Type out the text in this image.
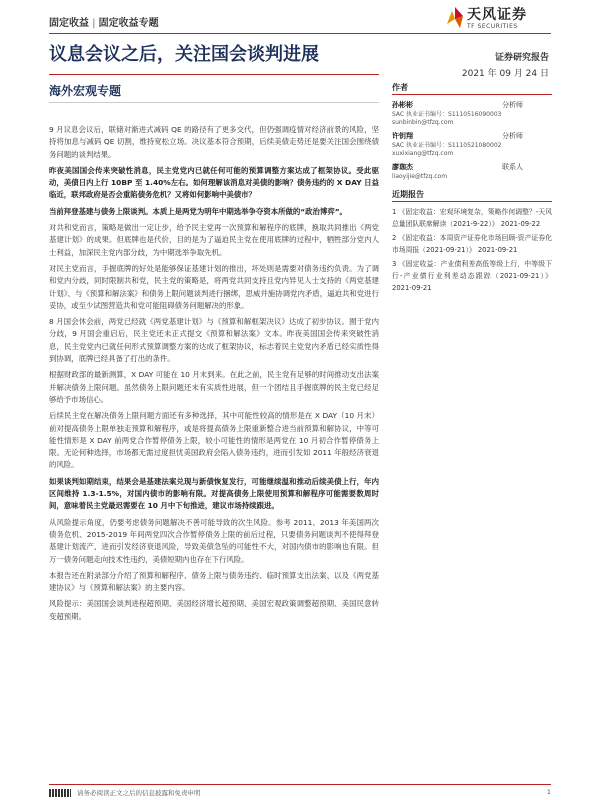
固定收益 | 固定收益专题
天风证券
TF SECURITIES
议息会议之后，关注国会谈判进展	证券研究报告
2021 年 09 月 24 日
海外宏观专题

9 月议息会议后，联储对渐进式减码 QE 的路径有了更多交代，但仍强调疫情对经济前景的风险，坚持将加息与减码 QE 切割，维持宽松立场。决议基本符合预期，后续美债走势还是要关注国会围绕债务问题的谈判结果。

昨夜美国国会传来突破性消息，民主党党内已就任何可能的预算调整方案达成了框架协议。受此驱动，美债日内上行 10BP 至 1.40%左右。如何理解该消息对美债的影响？债务违约的 X DAY 日益临近，联邦政府是否会重陷债务危机？又将如何影响中美债市？

当前拜登基建与债务上限谈判。本质上是两党为明年中期选举争夺资本所做的“政治博弈”。

对共和党而言，策略是做出一定让步，给予民主党再一次预算和解程序的底牌，换取共同推出《两党基建计划》的成果。但底牌也是代价，目的是为了逼迫民主党在使用底牌的过程中，牺牲部分党内人士利益，加深民主党内部分歧，为中期选举争取先机。

对民主党而言，手握底牌的好处是能够保证基建计划的推出，坏处则是需要对债务违约负责。为了调和党内分歧，同时限制共和党，民主党的策略是，将两党共同支持且党内异见人士支持的《两党基建计划》、与《预算和解法案》和债务上限问题谈判进行捆绑，思威并施协调党内矛盾，逼迫共和党进行妥协，或至少试图营造共和党可能阻碍债务问题解决的形象。

8 月国会休会前，两党已经就《两党基建计划》与《预算和解框架决议》达成了初步协议。囿于党内分歧，9 月国会重启后，民主党还未正式提交《预算和解法案》文本。昨夜美国国会传来突破性消息，民主党党内已就任何形式预算调整方案的达成了框架协议，标志着民主党党内矛盾已经实质性得到协调，底牌已经具备了打出的条件。

根据财政部的最新测算，X DAY 可能在 10 月末到来。在此之前，民主党有足够的时间推动支出法案并解决债务上限问题。虽然债务上限问题还未有实质性进展，但一个团结且手握底牌的民主党已经足够给予市场信心。

后续民主党在解决债务上限问题方面还有多种选择，其中可能性较高的情形是在 X DAY（10 月末）前对提高债务上限单独走预算和解程序，或是将提高债务上限重新整合进当前预算和解协议，中等可能性情形是 X DAY 前两党合作暂停债务上限，较小可能性的情形是两党在 10 月初合作暂停债务上限。无论何种选择，市场都无需过度担忧美国政府会陷入债务违约，进而引发如 2011 年般经济衰退的风险。

如果谈判如期结束，结果会是基建法案兑现与新债恢复发行，可能继续温和推动后续美债上行，年内区间维持 1.3-1.5%，对国内债市的影响有限。对提高债务上限使用预算和解程序可能需要数周时间，意味着民主党最迟需要在 10 月中下旬推进，建议市场持续跟进。

从风险提示角度，仍要考虑债务问题解决不善可能导致的次生风险。参考 2011、2013 年美国两次债务危机、2015-2019 年间两党四次合作暂停债务上限的前后过程，只要债务问题谈判不使得拜登基建计划流产，进而引发经济衰退风险，导致美债急坠的可能性不大，对国内债市的影响也有限。但万一债务问题走向技术性违约，美债短期内也存在下行风险。

本报告还在附录部分介绍了预算和解程序、债务上限与债务违约、临时预算支出法案、以及《两党基建协议》与《预算和解法案》的主要内容。

风险提示：美国国会谈判进程超预期、美国经济增长超预期、美国宏观政策调整超预期、美国民意转变超预期。

作者
孙彬彬	分析师
SAC 执业证书编号：S1110516090003
sunbinbin@tfzq.com
许钥翔	分析师
SAC 执业证书编号：S1110521080002
xuxixiang@tfzq.com
廖珈杰	联系人
liaoyijie@tfzq.com
近期报告
1 《固定收益：宏观环境复杂，策略作何调整？-天风总量团队联席解读（2021-9-22）》 2021-09-22
2 《固定收益：本周资产证券化市场回顾-资产证券化市场周报（2021-09-21）》 2021-09-21
3 《固定收益：产业债利差高低等级上行，中等级下行-产业债行业利差动态跟踪（2021-09-21）》 2021-09-21
请务必阅读正文之后的信息披露和免责申明	1
